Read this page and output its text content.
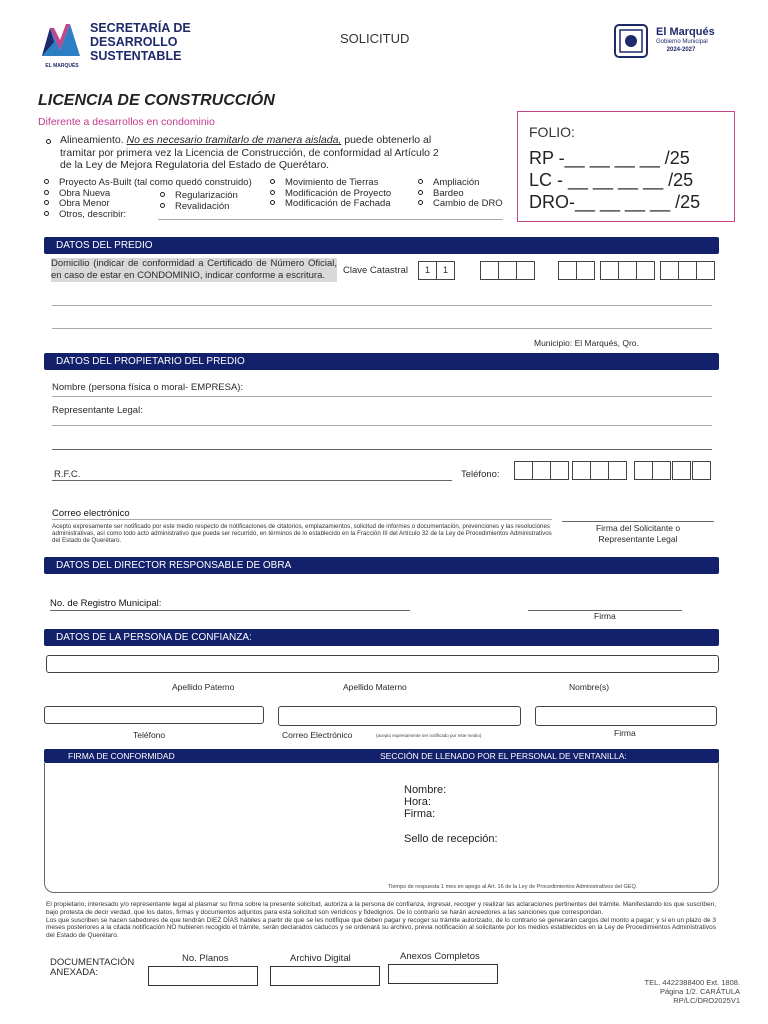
EL MARQUÉS
SECRETARÍA DE
DESARROLLO
SUSTENTABLE
SOLICITUD	El Marqués
Gobierno Municipal
2024-2027
LICENCIA DE CONSTRUCCIÓN
Diferente a desarrollos en condominio
Alineamiento. No es necesario tramitarlo de manera aislada, puede obtenerlo al
tramitar por primera vez la Licencia de Construcción, de conformidad al Artículo 2
de la Ley de Mejora Regulatoria del Estado de Querétaro.
Proyecto As-Built (tal como quedó construido)
Obra Nueva
Obra Menor
Otros, describir:
Regularización
Revalidación
Movimiento de Tierras
Modificación de Proyecto
Modificación de Fachada
Ampliación
Bardeo
Cambio de DRO
FOLIO:
RP -__ __ __ __ /25
LC - __ __ __ __ /25
DRO-__ __ __ __ /25
DATOS DEL PREDIO
Domicilio (indicar de conformidad a Certificado de Número Oficial, en caso de estar en CONDOMINIO, indicar conforme a escritura.	Clave Catastral	1	1
Municipio: El Marqués, Qro.
DATOS DEL PROPIETARIO DEL PREDIO
Nombre (persona física o moral- EMPRESA):
Representante Legal:
R.F.C.	Teléfono:
Correo electrónico
Acepto expresamente ser notificado por este medio respecto de notificaciones de citatorios, emplazamientos, solicitud de informes o documentación, prevenciones y las resoluciones administrativas, así como todo acto administrativo que pueda ser recurrido, en términos de lo establecido en la Fracción III del Artículo 32 de la Ley de Procedimientos Administrativos del Estado de Querétaro.
Firma del Solicitante o
Representante Legal
DATOS DEL DIRECTOR RESPONSABLE DE OBRA
No. de Registro Municipal:
Firma
DATOS DE LA PERSONA DE CONFIANZA:
Apellido Paterno	Apellido Materno	Nombre(s)
Teléfono	Correo Electrónico	(acepto expresamente ser notificado por este medio)	Firma
FIRMA DE CONFORMIDAD	SECCIÓN DE LLENADO POR EL PERSONAL DE VENTANILLA:
Nombre:
Hora:
Firma:
Sello de recepción:
Tiempo de respuesta 1 mes en apego al Art. 16 de la Ley de Procedimientos Administrativos del GEQ.
El propietario, interesado y/o representante legal al plasmar su firma sobre la presente solicitud, autoriza a la persona de confianza, ingresar, recoger y realizar las aclaraciones pertinentes del trámite. Manifestando los que suscriben, bajo protesta de decir verdad, que los datos, firmas y documentos adjuntos para esta solicitud son verídicos y fidedignos. De lo contrario se harán acreedores a las sanciones que correspondan.
Los que suscriben se hacen sabedores de que tendrán DIEZ DÍAS hábiles a partir de que se les notifique que deben pagar y recoger su trámite autorizado, de lo contrario se generarán cargos del monto a pagar; y si en un plazo de 3 meses posteriores a la citada notificación NO hubieren recogido el trámite, serán declarados caducos y se ordenará su archivo, previa notificación al solicitante por los medios establecidos en la Ley de Procedimientos Administrativos del Estado de Querétaro.
DOCUMENTACIÓN
ANEXADA:
No. Planos	Archivo Digital	Anexos Completos
TEL. 4422388400 Ext. 1808.
Página 1/2. CARÁTULA
RP/LC/DRO2025V1
